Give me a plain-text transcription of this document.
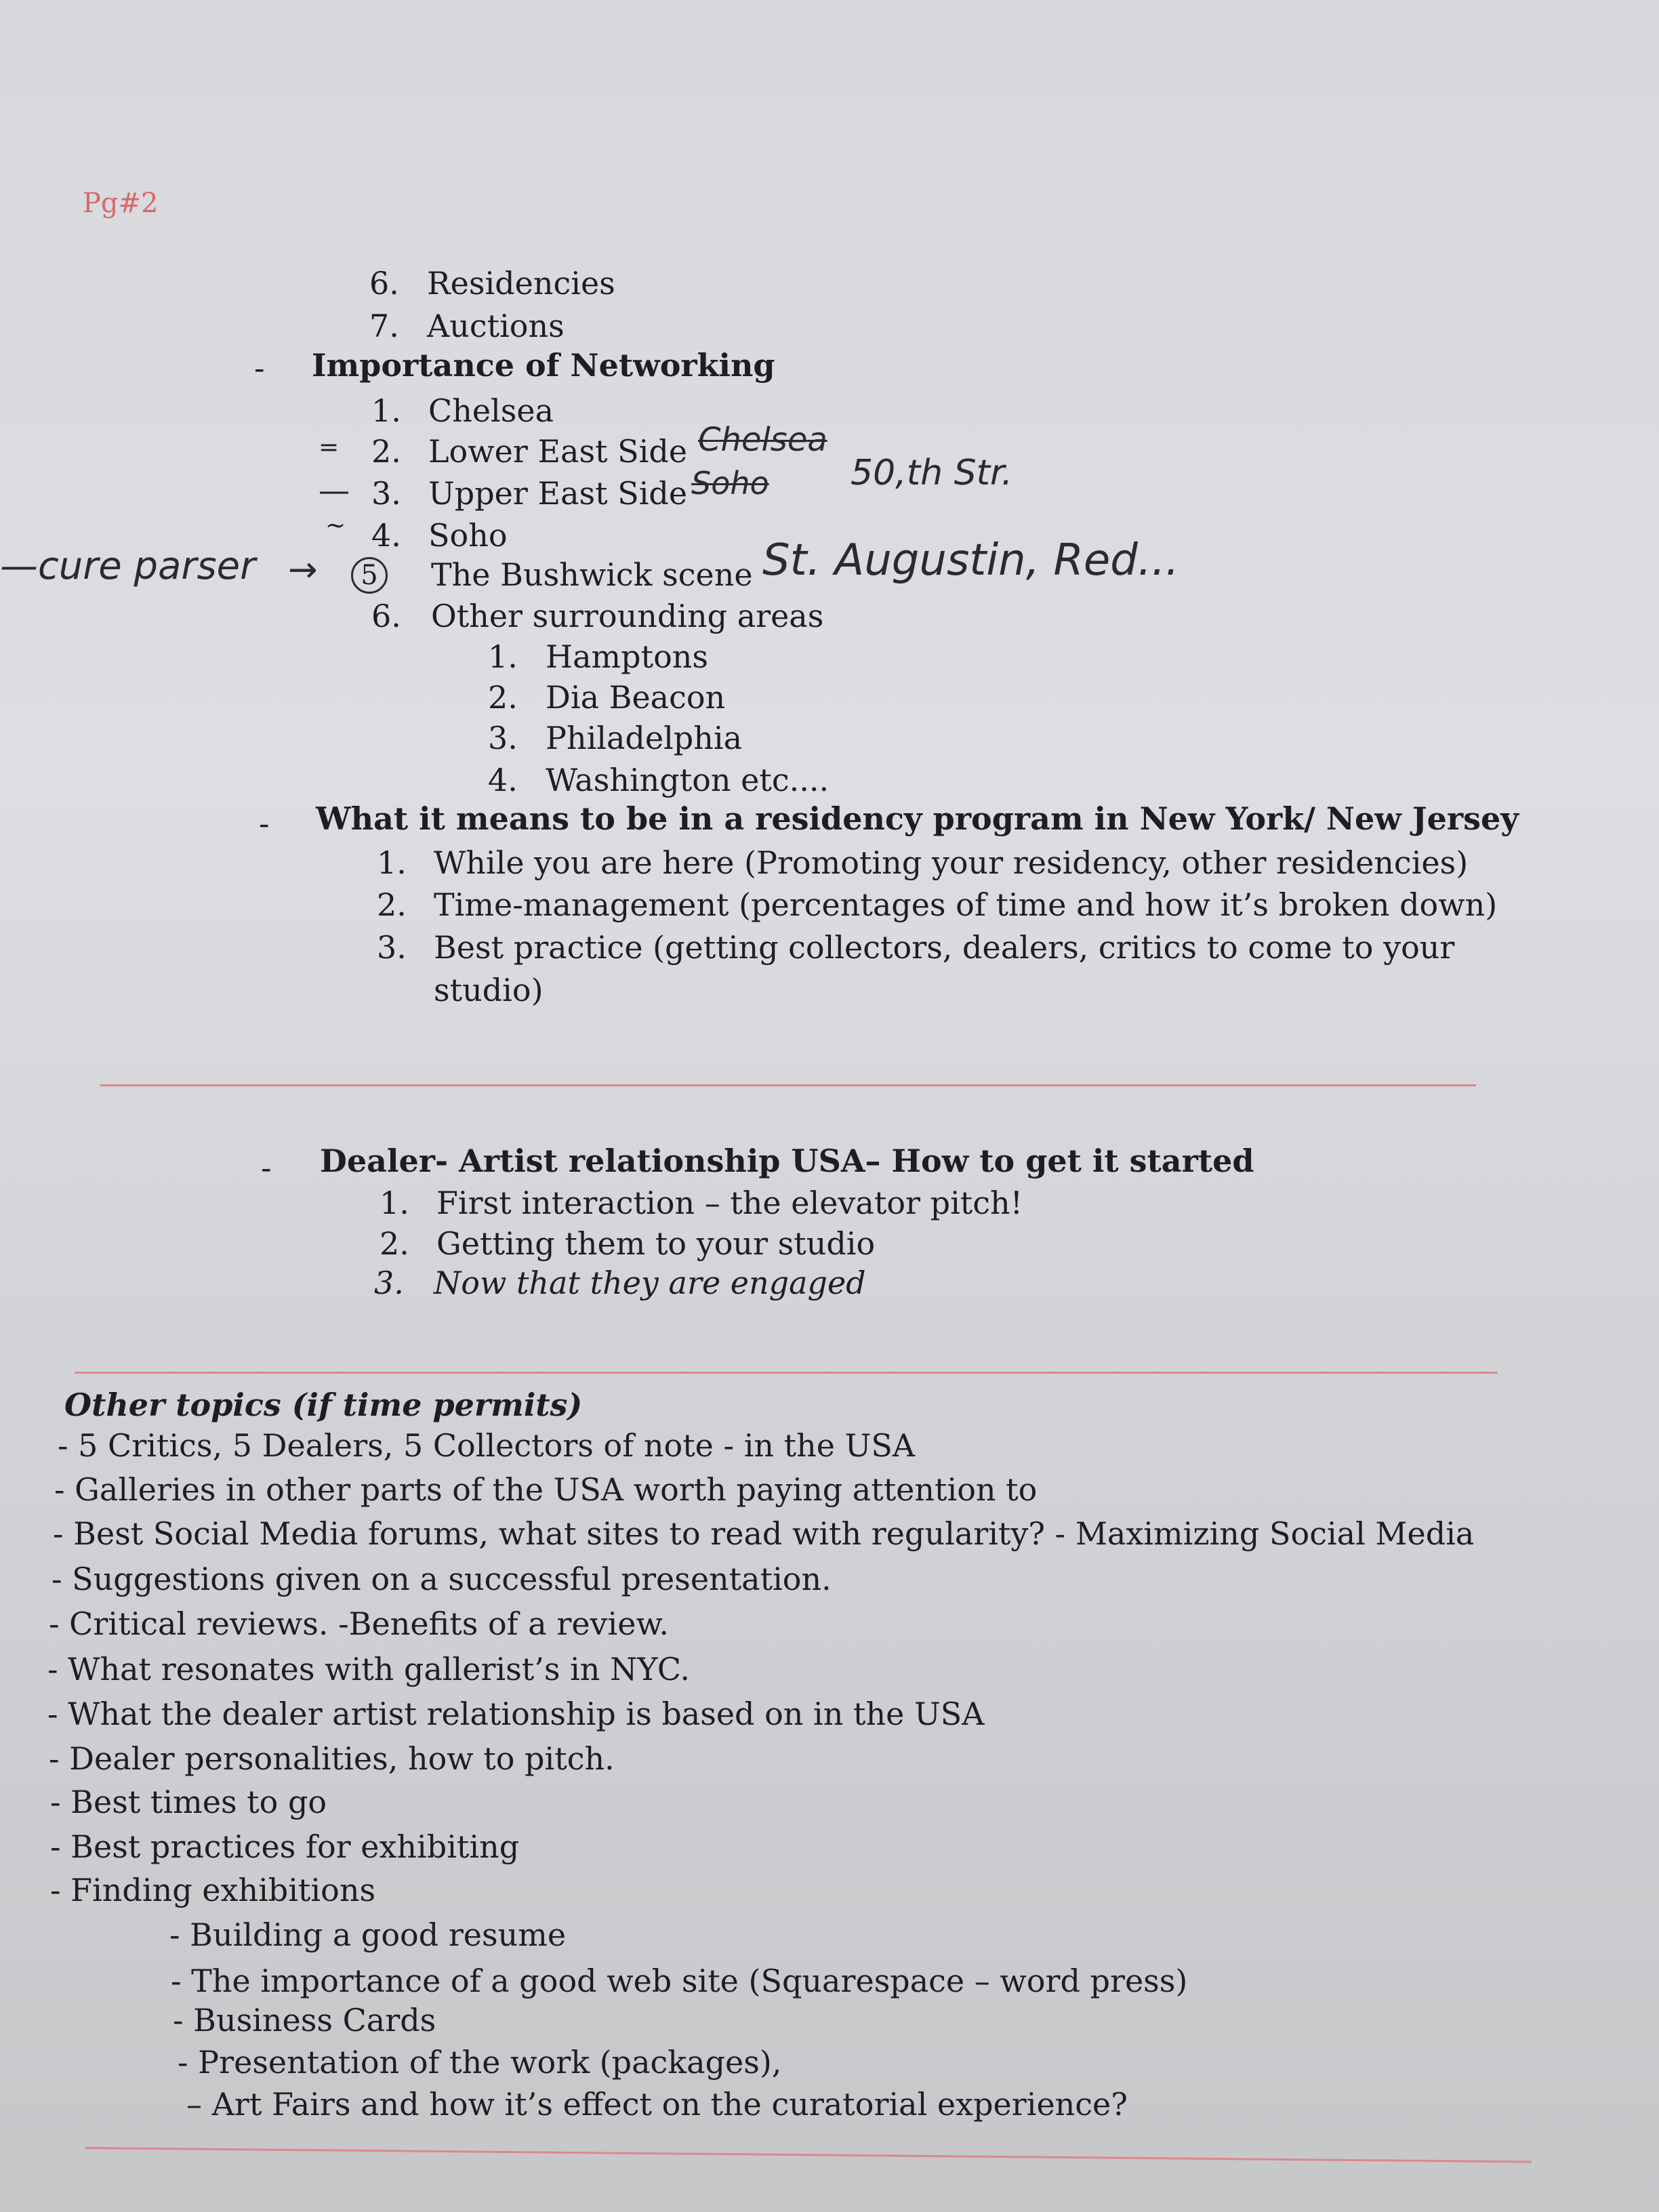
Pg#2
6. Residencies
7. Auctions
- Importance of Networking
1. Chelsea
= 2. Lower East Side Chelsea
— 3. Upper East Side Soho 50,th Str.
~ 4. Soho
—cure parser →	5	The Bushwick scene St. Augustin, Red...
6. Other surrounding areas
1. Hamptons
2. Dia Beacon
3. Philadelphia
4. Washington etc....
- What it means to be in a residency program in New York/ New Jersey
1. While you are here (Promoting your residency, other residencies)
2. Time-management (percentages of time and how it’s broken down)
3. Best practice (getting collectors, dealers, critics to come to your
studio)
- Dealer- Artist relationship USA– How to get it started
1. First interaction – the elevator pitch!
2. Getting them to your studio
3. Now that they are engaged
Other topics (if time permits)
- 5 Critics, 5 Dealers, 5 Collectors of note - in the USA
- Galleries in other parts of the USA worth paying attention to
- Best Social Media forums, what sites to read with regularity? - Maximizing Social Media
- Suggestions given on a successful presentation.
- Critical reviews. -Benefits of a review.
- What resonates with gallerist’s in NYC.
- What the dealer artist relationship is based on in the USA
- Dealer personalities, how to pitch.
- Best times to go
- Best practices for exhibiting
- Finding exhibitions
- Building a good resume
- The importance of a good web site (Squarespace – word press)
- Business Cards
- Presentation of the work (packages),
– Art Fairs and how it’s effect on the curatorial experience?
